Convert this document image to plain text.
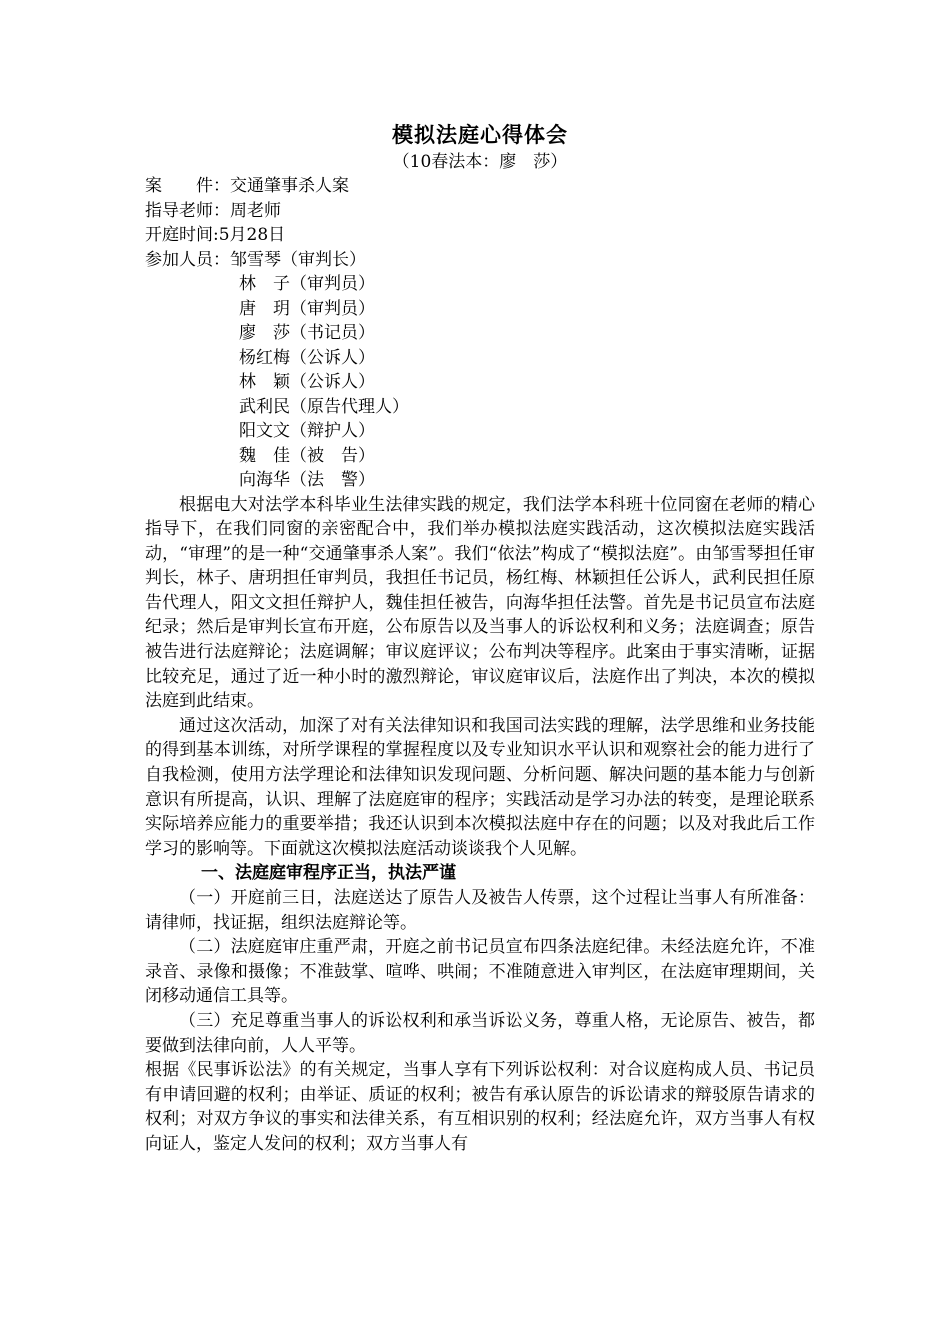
模拟法庭心得体会
（10春法本：廖　莎）
案　　件：交通肇事杀人案
指导老师：周老师
开庭时间:5月28日
参加人员：邹雪琴（审判长）
林　子（审判员）
唐　玥（审判员）
廖　莎（书记员）
杨红梅（公诉人）
林　颖（公诉人）
武利民（原告代理人）
阳文文（辩护人）
魏　佳（被　告）
向海华（法　警）

根据电大对法学本科毕业生法律实践的规定，我们法学本科班十位同窗在老师的精心指导下，在我们同窗的亲密配合中，我们举办模拟法庭实践活动，这次模拟法庭实践活动，“审理”的是一种“交通肇事杀人案”。我们“依法”构成了“模拟法庭”。由邹雪琴担任审判长，林子、唐玥担任审判员，我担任书记员，杨红梅、林颖担任公诉人，武利民担任原告代理人，阳文文担任辩护人，魏佳担任被告，向海华担任法警。首先是书记员宣布法庭纪录；然后是审判长宣布开庭，公布原告以及当事人的诉讼权利和义务；法庭调查；原告被告进行法庭辩论；法庭调解；审议庭评议；公布判决等程序。此案由于事实清晰，证据比较充足，通过了近一种小时的激烈辩论，审议庭审议后，法庭作出了判决，本次的模拟法庭到此结束。

通过这次活动，加深了对有关法律知识和我国司法实践的理解，法学思维和业务技能的得到基本训练，对所学课程的掌握程度以及专业知识水平认识和观察社会的能力进行了自我检测，使用方法学理论和法律知识发现问题、分析问题、解决问题的基本能力与创新意识有所提高，认识、理解了法庭庭审的程序；实践活动是学习办法的转变，是理论联系实际培养应能力的重要举措；我还认识到本次模拟法庭中存在的问题；以及对我此后工作学习的影响等。下面就这次模拟法庭活动谈谈我个人见解。

一、法庭庭审程序正当，执法严谨

（一）开庭前三日，法庭送达了原告人及被告人传票，这个过程让当事人有所准备：请律师，找证据，组织法庭辩论等。

（二）法庭庭审庄重严肃，开庭之前书记员宣布四条法庭纪律。未经法庭允许，不准录音、录像和摄像；不准鼓掌、喧哗、哄闹；不准随意进入审判区，在法庭审理期间，关闭移动通信工具等。

（三）充足尊重当事人的诉讼权利和承当诉讼义务，尊重人格，无论原告、被告，都要做到法律向前，人人平等。

根据《民事诉讼法》的有关规定，当事人享有下列诉讼权利：对合议庭构成人员、书记员有申请回避的权利；由举证、质证的权利；被告有承认原告的诉讼请求的辩驳原告请求的权利；对双方争议的事实和法律关系，有互相识别的权利；经法庭允许，双方当事人有权向证人，鉴定人发问的权利；双方当事人有
